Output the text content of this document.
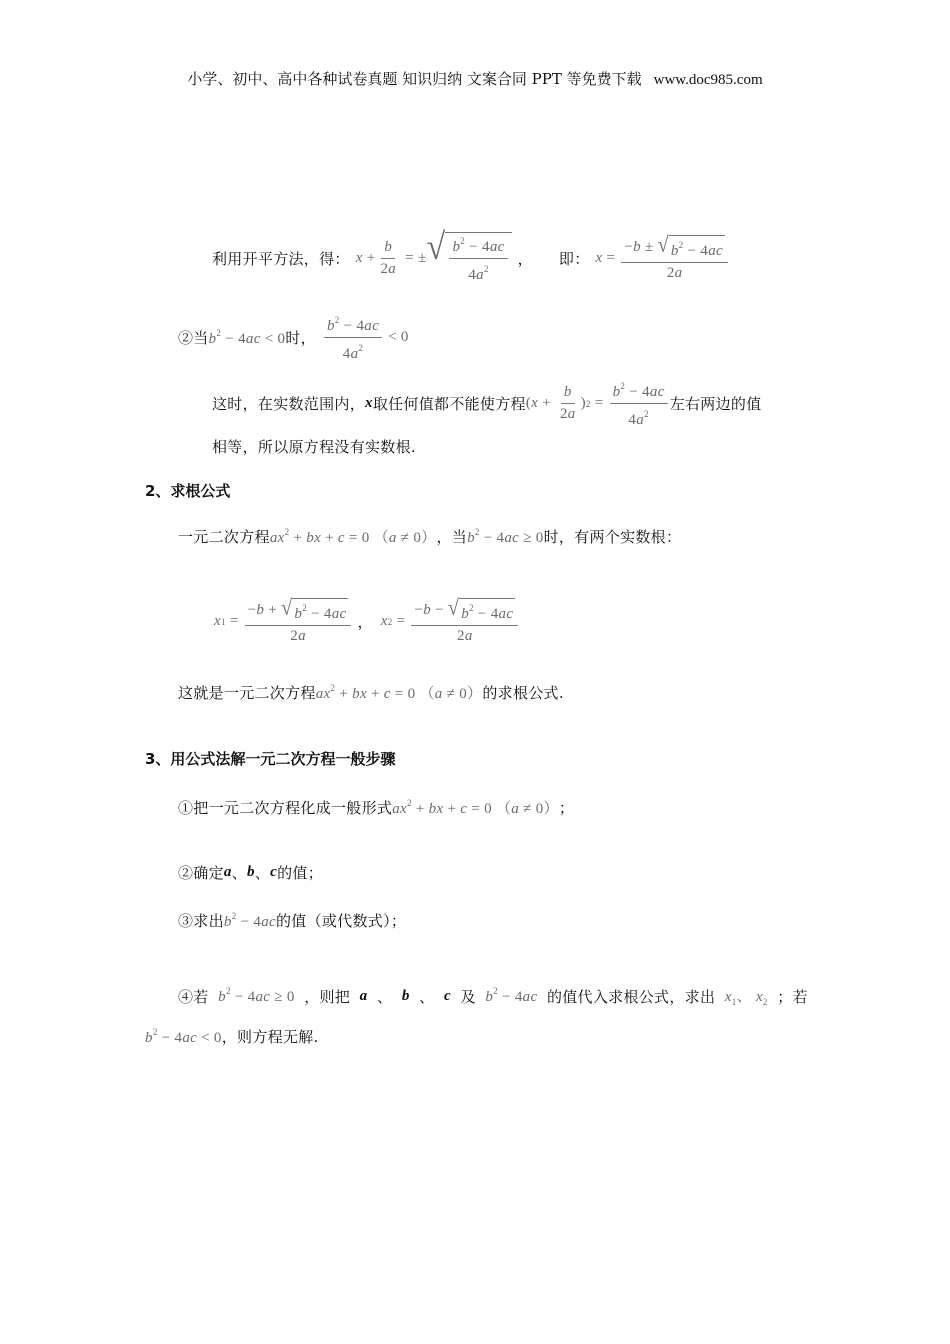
小学、初中、高中各种试卷真题 知识归纳 文案合同 PPT 等免费下载 www.doc985.com
利用开平方法，得： $x + \frac{b}{2a}$ = ± √ $\frac{b^2 - 4ac}{4a^2}$ ， 即： $x = \frac{-b \pm √ b^2 - 4ac}{2a}$
②当 $b^2 - 4ac < 0$ 时， $\frac{b^2 - 4ac}{4a^2} < 0$
这时，在实数范围内， x 取任何值都不能使方程 ( $x + \frac{b}{2a}$ ) $2 = \frac{b^2 - 4ac}{4a^2}$ 左右两边的值
相等，所以原方程没有实数根.
2、求根公式
一元二次方程 $ax^2$ + bx + c = 0 （a ≠ 0） ，当 $b^2 - 4ac \ge 0$ 时，有两个实数根：
x $1 = \frac{-b + √ b^2 - 4ac}{2a}$ ， x $2 = \frac{-b - √ b^2 - 4ac}{2a}$
这就是一元二次方程 $ax^2$ + bx + c = 0 （a ≠ 0） 的求根公式.
3、用公式法解一元二次方程一般步骤
①把一元二次方程化成一般形式 $ax^2$ + bx + c = 0 （a ≠ 0） ；
②确定 a 、 b 、 c 的值；
③求出 $b^2 - 4ac$ 的值（或代数式）；
④若 $b^2 - 4ac \ge 0$ ，则把 a 、 b 、 c 及 $b^2 - 4ac$ 的值代入求根公式，求出 $x_1$、 $x_2$ ；若
$b^2 - 4ac < 0$ ，则方程无解.
